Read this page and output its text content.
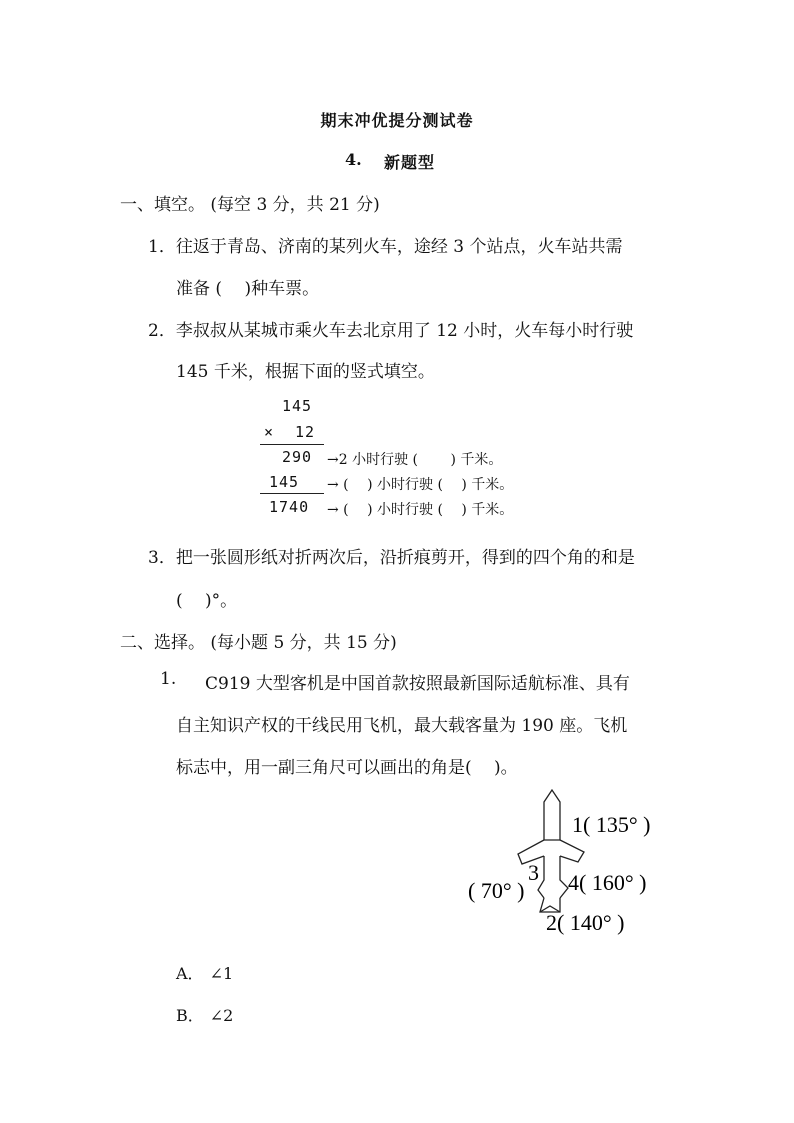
期末冲优提分测试卷
4. 新题型
一、填空。 (每空 3 分，共 21 分)
1．往返于青岛、济南的某列火车，途经 3 个站点，火车站共需
准备 (　 )种车票。
2．李叔叔从某城市乘火车去北京用了 12 小时，火车每小时行驶
145 千米，根据下面的竖式填空。
145
× 12
290 →2 小时行驶 (　　 ) 千米。
145 → (　 ) 小时行驶 (　 ) 千米。
1740 → (　 ) 小时行驶 (　 ) 千米。
3．把一张圆形纸对折两次后，沿折痕剪开，得到的四个角的和是
(　 )°。
二、选择。 (每小题 5 分，共 15 分)
1. C919 大型客机是中国首款按照最新国际适航标准、具有
自主知识产权的干线民用飞机，最大载客量为 190 座。飞机
标志中，用一副三角尺可以画出的角是(　 )。
1( 135° )
4( 160° )
3
( 70° )
2( 140° )
A． ∠1
B． ∠2
